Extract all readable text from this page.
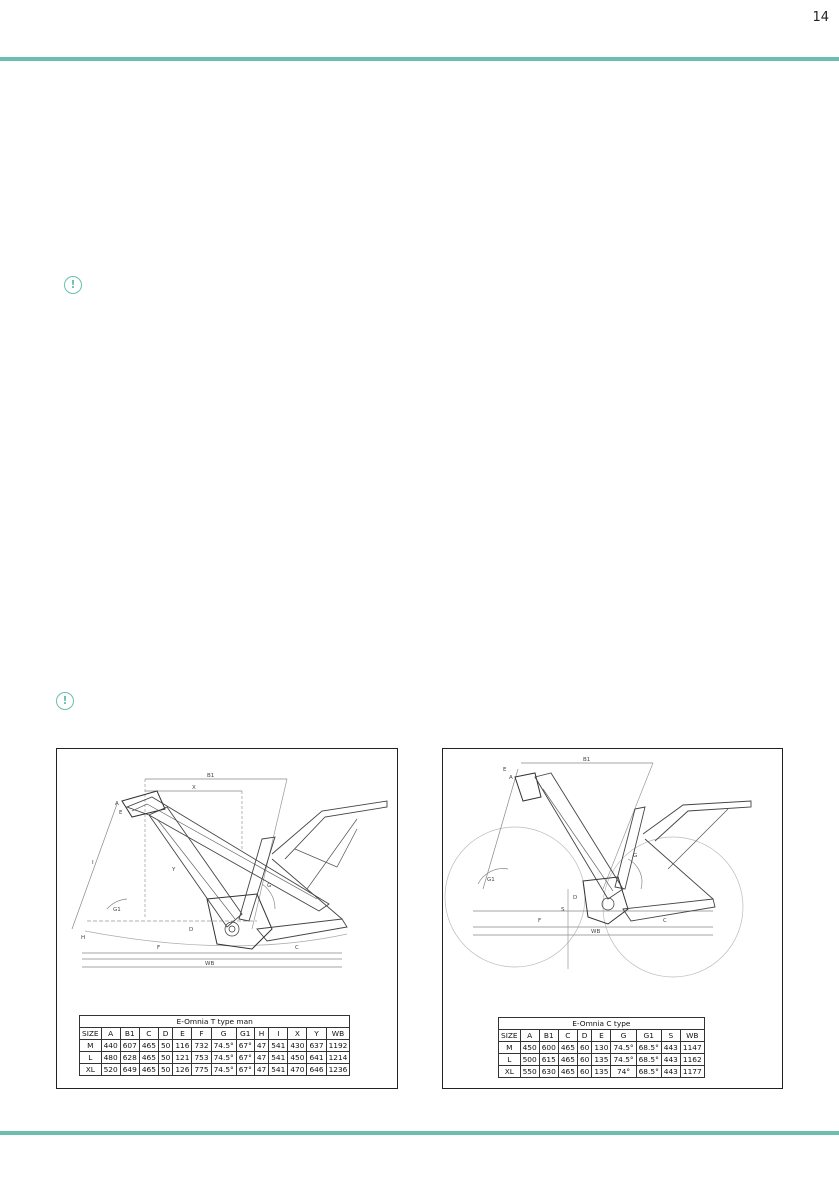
14
!
!
B1
X
Y
A
E
I
G1
G
H
D
F	C
WB
E-Omnia T type man
SIZE	A	B1	C	D	E	F	G	G1	H	I	X	Y	WB
M	440	607	465	50	116	732	74.5°	67°	47	541	430	637	1192
L	480	628	465	50	121	753	74.5°	67°	47	541	450	641	1214
XL	520	649	465	50	126	775	74.5°	67°	47	541	470	646	1236
B1
A
E
S
G1
G
D
F	C
WB
E-Omnia C type
SIZE	A	B1	C	D	E	G	G1	S	WB
M	450	600	465	60	130	74.5°	68.5°	443	1147
L	500	615	465	60	135	74.5°	68.5°	443	1162
XL	550	630	465	60	135	74°	68.5°	443	1177
